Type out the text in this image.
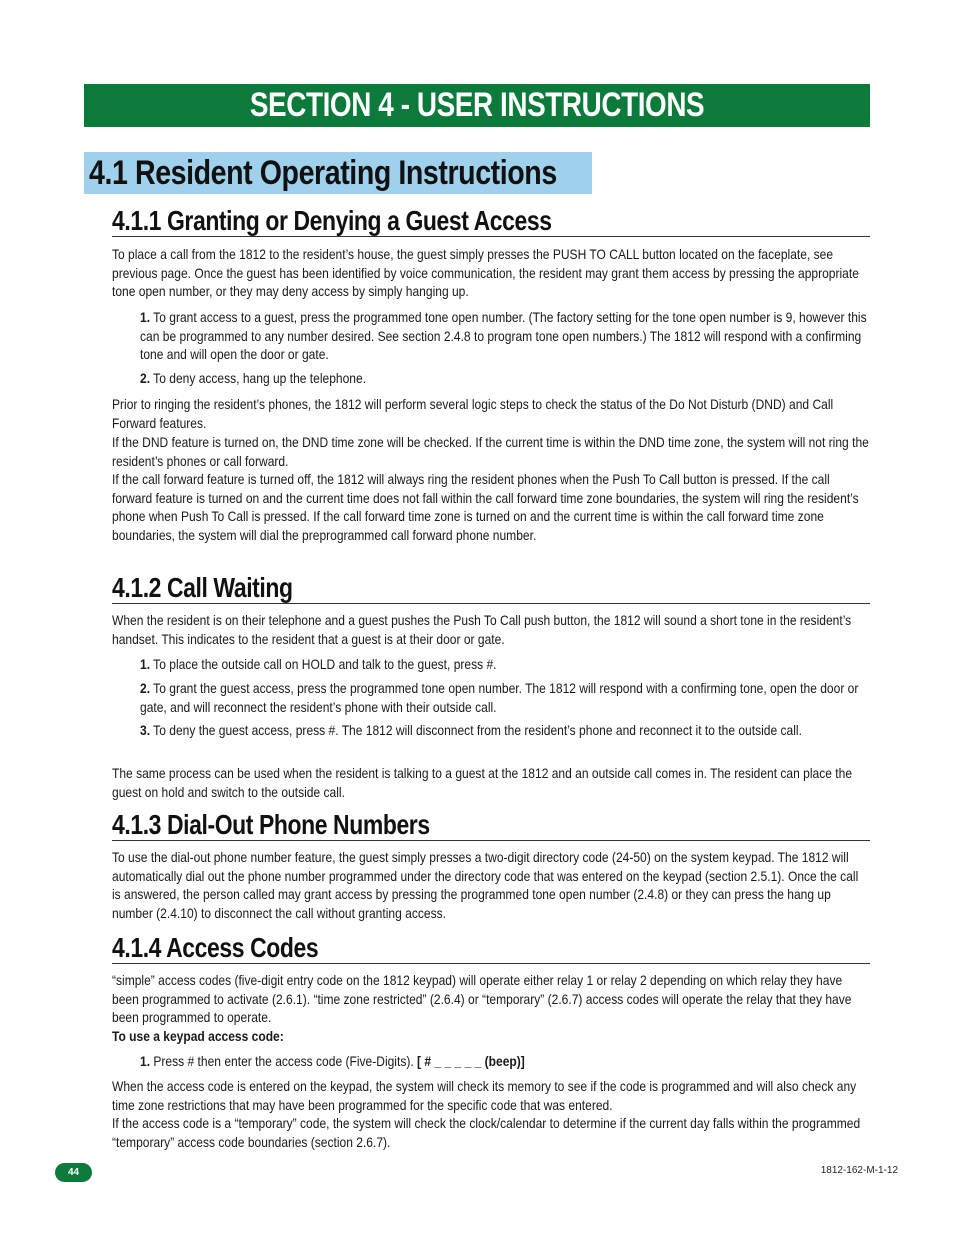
SECTION 4 - USER INSTRUCTIONS
4.1 Resident Operating Instructions
4.1.1 Granting or Denying a Guest Access
To place a call from the 1812 to the resident’s house, the guest simply presses the PUSH TO CALL button located on the faceplate, see previous page. Once the guest has been identified by voice communication, the resident may grant them access by pressing the appropriate tone open number, or they may deny access by simply hanging up.
1. To grant access to a guest, press the programmed tone open number. (The factory setting for the tone open number is 9, however this can be programmed to any number desired. See section 2.4.8 to program tone open numbers.) The 1812 will respond with a confirming tone and will open the door or gate.
2. To deny access, hang up the telephone.
Prior to ringing the resident’s phones, the 1812 will perform several logic steps to check the status of the Do Not Disturb (DND) and Call Forward features.
If the DND feature is turned on, the DND time zone will be checked. If the current time is within the DND time zone, the system will not ring the resident’s phones or call forward.
If the call forward feature is turned off, the 1812 will always ring the resident phones when the Push To Call button is pressed. If the call forward feature is turned on and the current time does not fall within the call forward time zone boundaries, the system will ring the resident’s phone when Push To Call is pressed. If the call forward time zone is turned on and the current time is within the call forward time zone boundaries, the system will dial the preprogrammed call forward phone number.
4.1.2 Call Waiting
When the resident is on their telephone and a guest pushes the Push To Call push button, the 1812 will sound a short tone in the resident’s handset. This indicates to the resident that a guest is at their door or gate.
1. To place the outside call on HOLD and talk to the guest, press #.
2. To grant the guest access, press the programmed tone open number. The 1812 will respond with a confirming tone, open the door or gate, and will reconnect the resident’s phone with their outside call.
3. To deny the guest access, press #. The 1812 will disconnect from the resident’s phone and reconnect it to the outside call.
The same process can be used when the resident is talking to a guest at the 1812 and an outside call comes in. The resident can place the guest on hold and switch to the outside call.
4.1.3 Dial-Out Phone Numbers
To use the dial-out phone number feature, the guest simply presses a two-digit directory code (24-50) on the system keypad. The 1812 will automatically dial out the phone number programmed under the directory code that was entered on the keypad (section 2.5.1). Once the call is answered, the person called may grant access by pressing the programmed tone open number (2.4.8) or they can press the hang up number (2.4.10) to disconnect the call without granting access.
4.1.4 Access Codes
“simple” access codes (five-digit entry code on the 1812 keypad) will operate either relay 1 or relay 2 depending on which relay they have been programmed to activate (2.6.1). “time zone restricted” (2.6.4) or “temporary” (2.6.7) access codes will operate the relay that they have been programmed to operate.
To use a keypad access code:
1. Press # then enter the access code (Five-Digits). [ # _ _ _ _ _ (beep)]
When the access code is entered on the keypad, the system will check its memory to see if the code is programmed and will also check any time zone restrictions that may have been programmed for the specific code that was entered.
If the access code is a “temporary” code, the system will check the clock/calendar to determine if the current day falls within the programmed “temporary” access code boundaries (section 2.6.7).
44	1812-162-M-1-12
